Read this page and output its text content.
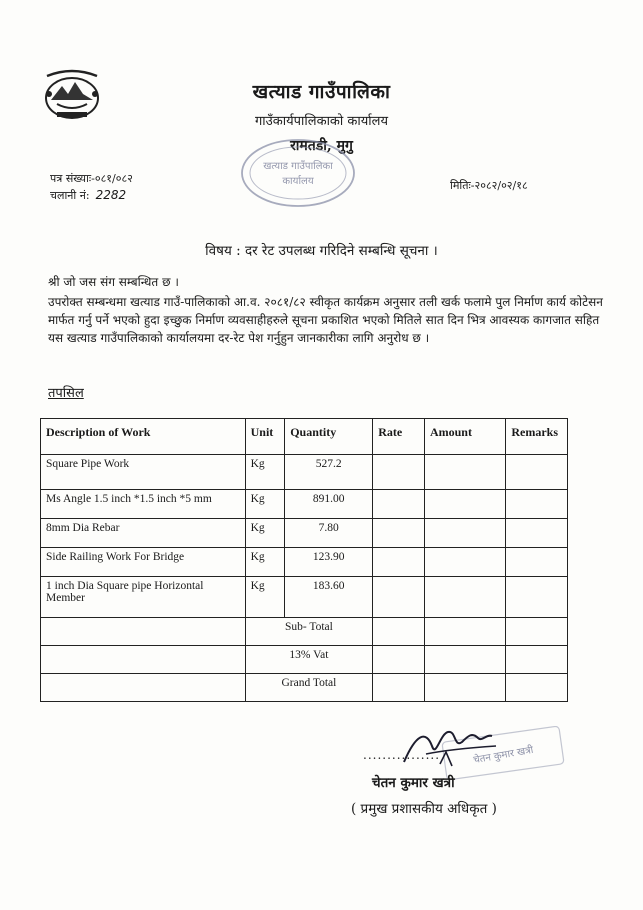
खत्याड गाउँपालिका
गाउँकार्यपालिकाको कार्यालय
रामतडी, मुगु
खत्याड गाउँपालिका
कार्यालय
पत्र संख्याः-०८१/०८२
चलानी नं: 2282
मितिः-२०८२/०२/१८
विषय : दर रेट उपलब्ध गरिदिने सम्बन्धि सूचना ।
श्री जो जस संग सम्बन्धित छ ।
उपरोक्त सम्बन्धमा खत्याड गाउँ-पालिकाको आ.व. २०८१/८२ स्वीकृत कार्यक्रम अनुसार तली खर्क फलामे पुल निर्माण कार्य कोटेसन मार्फत गर्नु पर्ने भएको हुदा इच्छुक निर्माण व्यवसाहीहरुले सूचना प्रकाशित भएको मितिले सात दिन भित्र आवस्यक कागजात सहित यस खत्याड गाउँपालिकाको कार्यालयमा दर-रेट पेश गर्नुहुन जानकारीका लागि अनुरोध छ ।
तपसिल
Description of Work	Unit	Quantity	Rate	Amount	Remarks
Square Pipe Work	Kg	527.2			
Ms Angle 1.5 inch *1.5 inch *5 mm	Kg	891.00			
8mm Dia Rebar	Kg	7.80			
Side Railing Work For Bridge	Kg	123.90			
1 inch Dia Square pipe Horizontal Member	Kg	183.60			
	Sub- Total				
	13% Vat				
	Grand Total				
चेतन कुमार खत्री
................
चेतन कुमार खत्री
( प्रमुख प्रशासकीय अधिकृत )
